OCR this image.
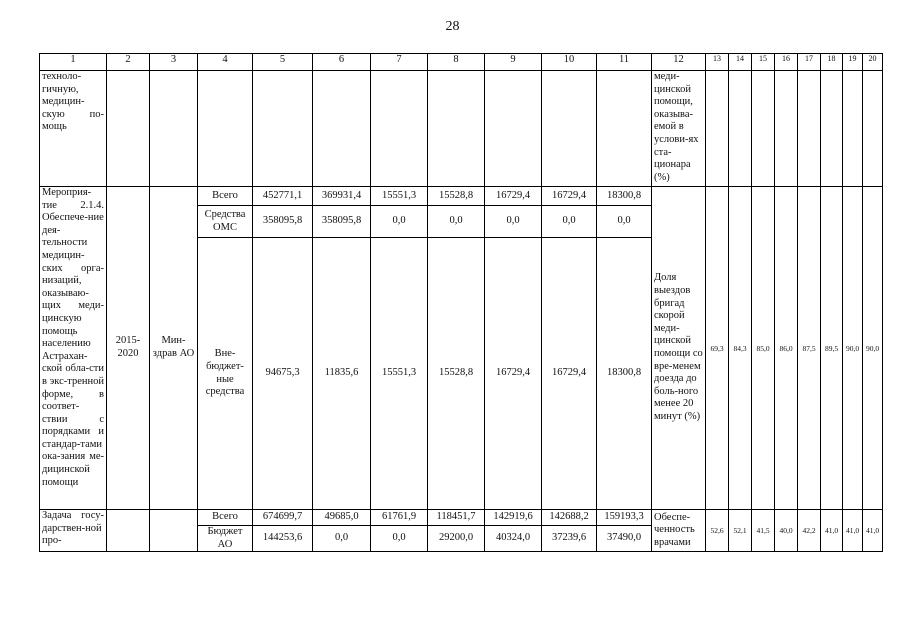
28
1	2	3	4	5	6	7	8	9	10	11	12	13	14	15	16	17	18	19	20
техноло-гичную, медицин-скую по-мощь											меди-цинской помощи, оказыва-емой в услови-ях ста-ционара (%)								
Мероприя-тие 2.1.4. Обеспече-ние дея-тельности медицин-ских орга-низаций, оказываю-щих меди-цинскую помощь населению Астрахан-ской обла-сти в экс-тренной форме, в соответ-ствии с порядками и стандар-тами ока-зания ме-дицинской помощи	2015-2020	Мин-здрав АО	Всего	452771,1	369931,4	15551,3	15528,8	16729,4	16729,4	18300,8	Доля выездов бригад скорой меди-цинской помощи со вре-менем доезда до боль-ного менее 20 минут (%)	69,3	84,3	85,0	86,0	87,5	89,5	90,0	90,0
			Средства ОМС	358095,8	358095,8	0,0	0,0	0,0	0,0	0,0									
			Вне-бюджет-ные средства	94675,3	11835,6	15551,3	15528,8	16729,4	16729,4	18300,8									
Задача госу-дарствен-ной про-			Всего	674699,7	49685,0	61761,9	118451,7	142919,6	142688,2	159193,3	Обеспе-ченность врачами	52,6	52,1	41,5	40,0	42,2	41,0	41,0	41,0
			Бюджет АО	144253,6	0,0	0,0	29200,0	40324,0	37239,6	37490,0									
